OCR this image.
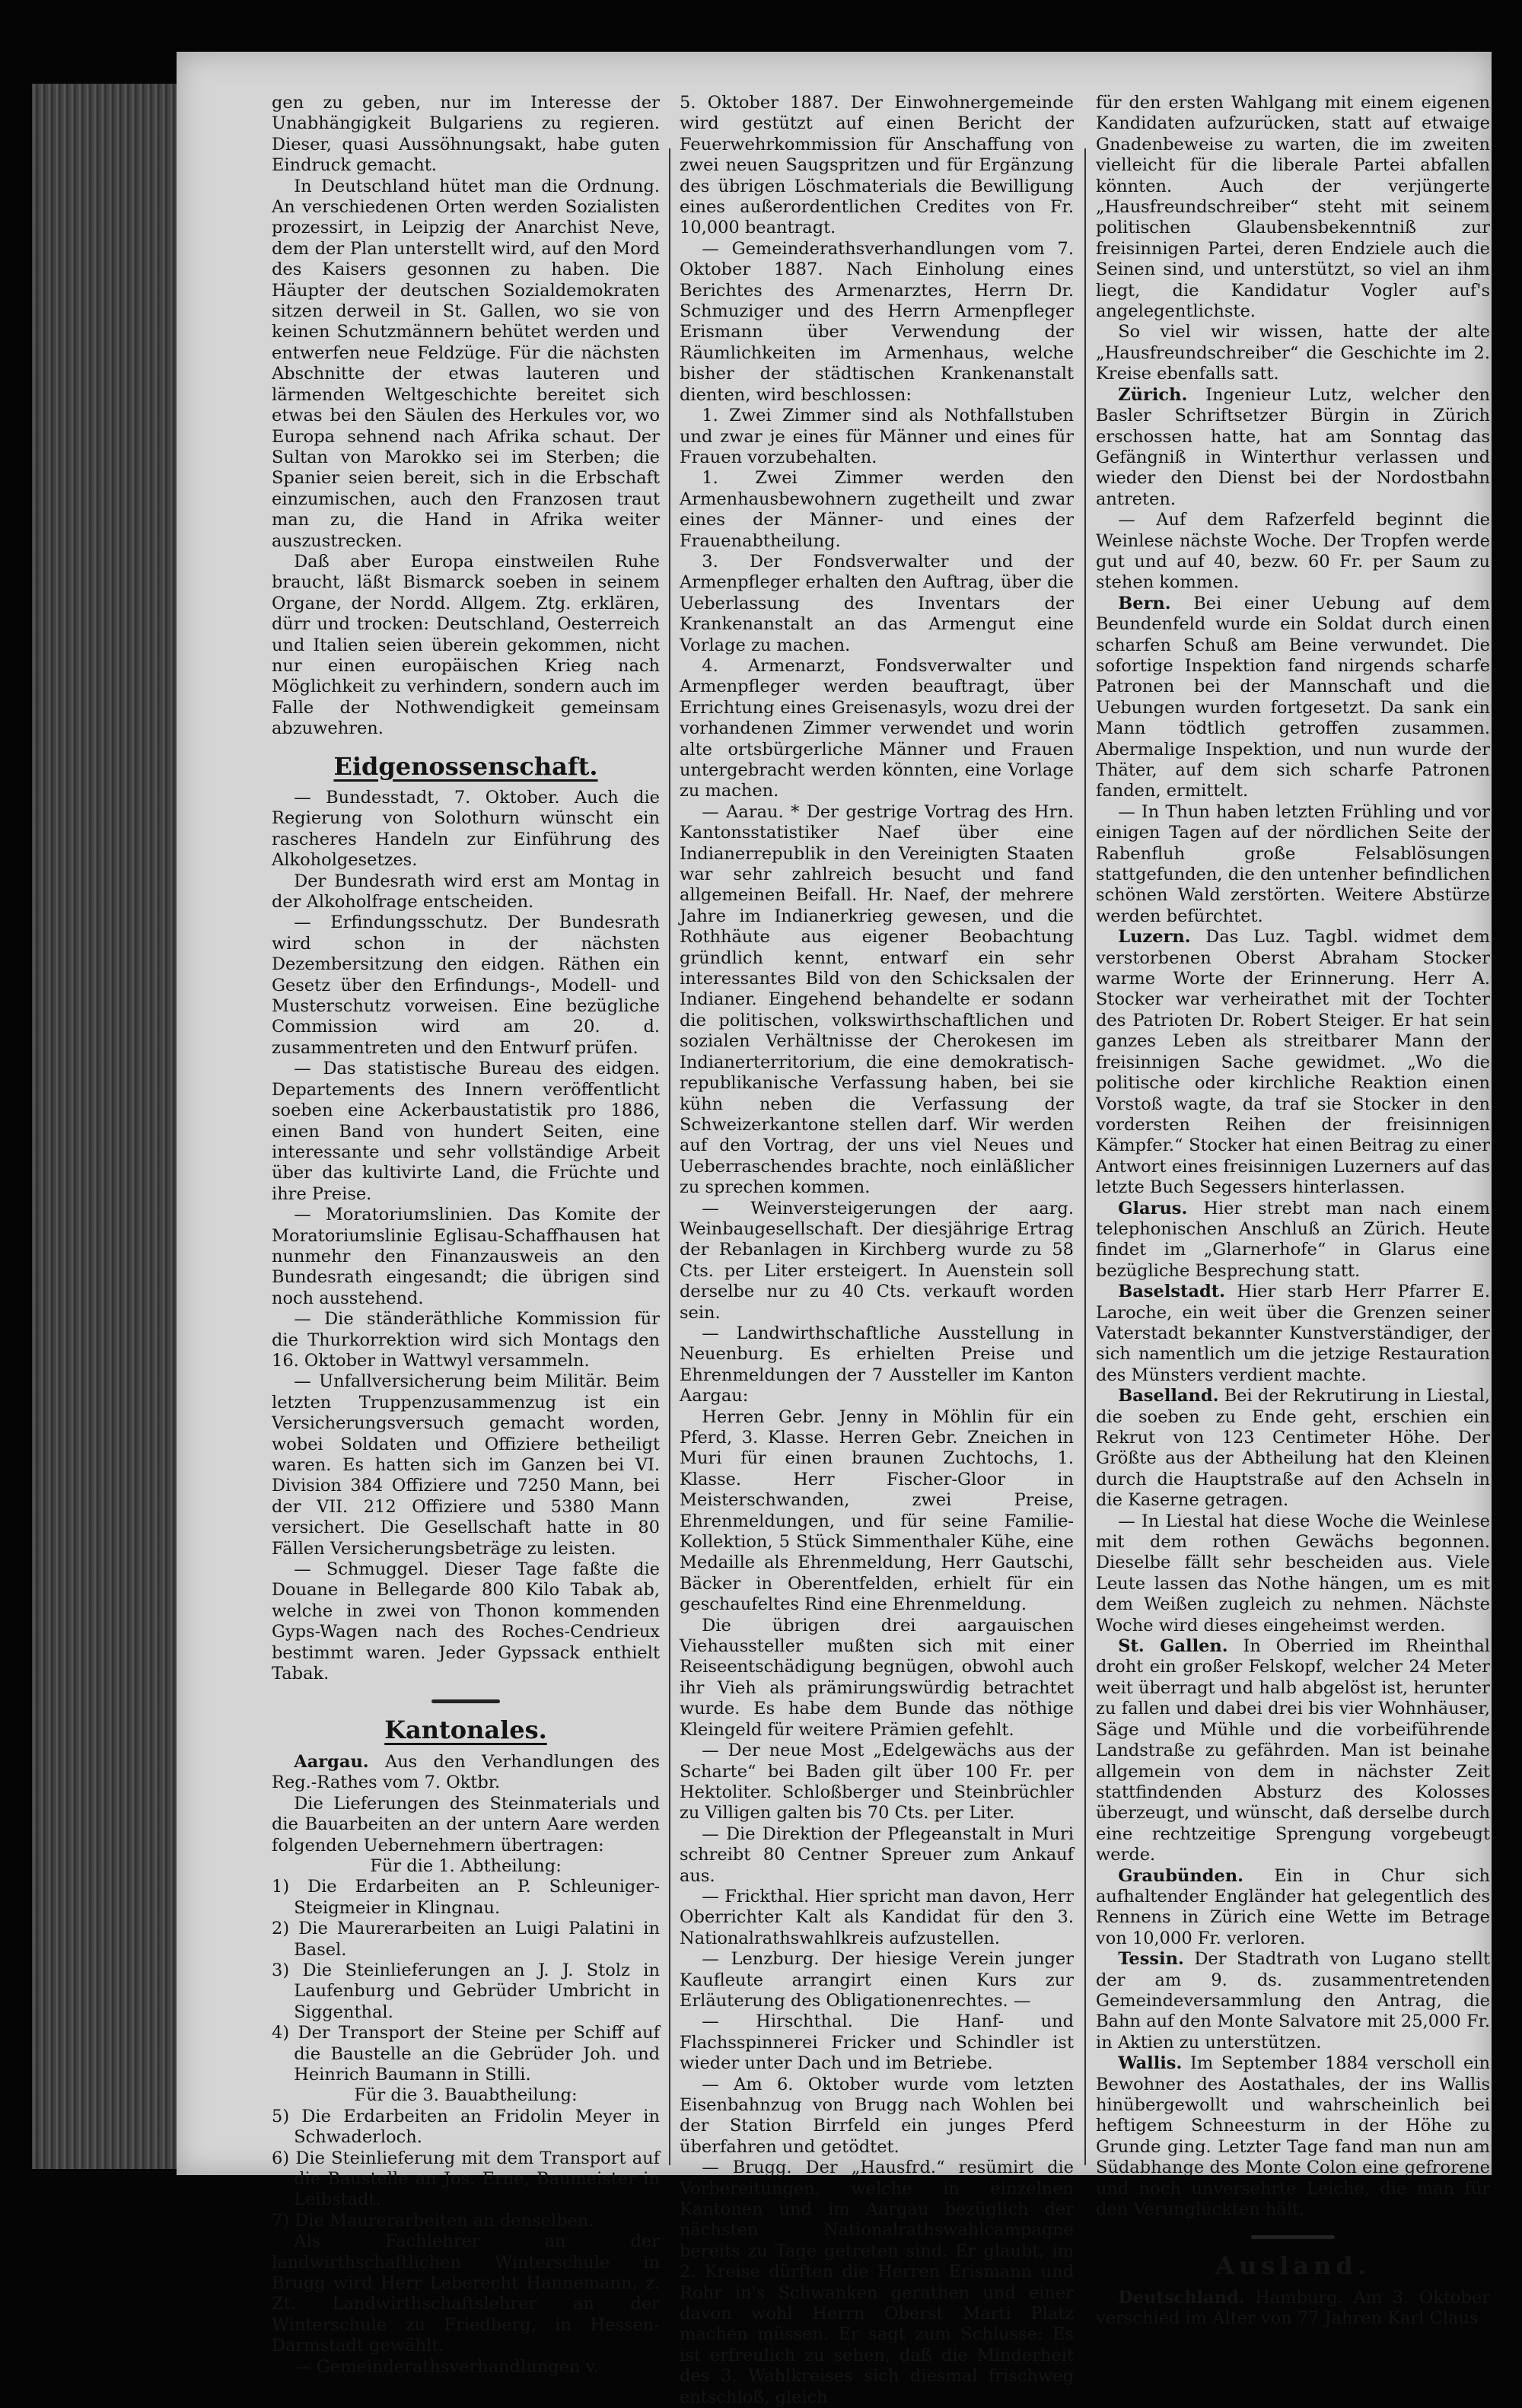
gen zu geben, nur im Interesse der Unabhängigkeit Bulgariens zu regieren. Dieser, quasi Aussöhnungsakt, habe guten Eindruck gemacht.

In Deutschland hütet man die Ordnung. An verschiedenen Orten werden Sozialisten prozessirt, in Leipzig der Anarchist Neve, dem der Plan unterstellt wird, auf den Mord des Kaisers gesonnen zu haben. Die Häupter der deutschen Sozialdemokraten sitzen derweil in St. Gallen, wo sie von keinen Schutzmännern behütet werden und entwerfen neue Feldzüge. Für die nächsten Abschnitte der etwas lauteren und lärmenden Weltgeschichte bereitet sich etwas bei den Säulen des Herkules vor, wo Europa sehnend nach Afrika schaut. Der Sultan von Marokko sei im Sterben; die Spanier seien bereit, sich in die Erbschaft einzumischen, auch den Franzosen traut man zu, die Hand in Afrika weiter auszustrecken.

Daß aber Europa einstweilen Ruhe braucht, läßt Bismarck soeben in seinem Organe, der Nordd. Allgem. Ztg. erklären, dürr und trocken: Deutschland, Oesterreich und Italien seien überein gekommen, nicht nur einen europäischen Krieg nach Möglichkeit zu verhindern, sondern auch im Falle der Nothwendigkeit gemeinsam abzuwehren.

Eidgenossenschaft.

— Bundesstadt, 7. Oktober. Auch die Regierung von Solothurn wünscht ein rascheres Handeln zur Einführung des Alkoholgesetzes.

Der Bundesrath wird erst am Montag in der Alkoholfrage entscheiden.

— Erfindungsschutz. Der Bundesrath wird schon in der nächsten Dezembersitzung den eidgen. Räthen ein Gesetz über den Erfindungs-, Modell- und Musterschutz vorweisen. Eine bezügliche Commission wird am 20. d. zusammentreten und den Entwurf prüfen.

— Das statistische Bureau des eidgen. Departements des Innern veröffentlicht soeben eine Ackerbaustatistik pro 1886, einen Band von hundert Seiten, eine interessante und sehr vollständige Arbeit über das kultivirte Land, die Früchte und ihre Preise.

— Moratoriumslinien. Das Komite der Moratoriumslinie Eglisau-Schaffhausen hat nunmehr den Finanzausweis an den Bundesrath eingesandt; die übrigen sind noch ausstehend.

— Die ständeräthliche Kommission für die Thurkorrektion wird sich Montags den 16. Oktober in Wattwyl versammeln.

— Unfallversicherung beim Militär. Beim letzten Truppenzusammenzug ist ein Versicherungsversuch gemacht worden, wobei Soldaten und Offiziere betheiligt waren. Es hatten sich im Ganzen bei VI. Division 384 Offiziere und 7250 Mann, bei der VII. 212 Offiziere und 5380 Mann versichert. Die Gesellschaft hatte in 80 Fällen Versicherungsbeträge zu leisten.

— Schmuggel. Dieser Tage faßte die Douane in Bellegarde 800 Kilo Tabak ab, welche in zwei von Thonon kommenden Gyps-Wagen nach des Roches-Cendrieux bestimmt waren. Jeder Gypssack enthielt Tabak.

Kantonales.

Aargau. Aus den Verhandlungen des Reg.-Rathes vom 7. Oktbr.

Die Lieferungen des Steinmaterials und die Bauarbeiten an der untern Aare werden folgenden Uebernehmern übertragen:

Für die 1. Abtheilung:

1) Die Erdarbeiten an P. Schleuniger-Steigmeier in Klingnau.

2) Die Maurerarbeiten an Luigi Palatini in Basel.

3) Die Steinlieferungen an J. J. Stolz in Laufenburg und Gebrüder Umbricht in Siggenthal.

4) Der Transport der Steine per Schiff auf die Baustelle an die Gebrüder Joh. und Heinrich Baumann in Stilli.

Für die 3. Bauabtheilung:

5) Die Erdarbeiten an Fridolin Meyer in Schwaderloch.

6) Die Steinlieferung mit dem Transport auf die Baustelle an Jos. Erne, Baumeister in Leibstadt.

7) Die Maurerarbeiten an denselben.

Als Fachlehrer an der landwirthschaftlichen Winterschule in Brugg wird Herr Leberecht Hannemann, z. Zt. Landwirthschaftslehrer an der Winterschule zu Friedberg, in Hessen-Darmstadt gewählt.

— Gemeinderathsverhandlungen v.

5. Oktober 1887. Der Einwohnergemeinde wird gestützt auf einen Bericht der Feuerwehrkommission für Anschaffung von zwei neuen Saugspritzen und für Ergänzung des übrigen Löschmaterials die Bewilligung eines außerordentlichen Credites von Fr. 10,000 beantragt.

— Gemeinderathsverhandlungen vom 7. Oktober 1887. Nach Einholung eines Berichtes des Armenarztes, Herrn Dr. Schmuziger und des Herrn Armenpfleger Erismann über Verwendung der Räumlichkeiten im Armenhaus, welche bisher der städtischen Krankenanstalt dienten, wird beschlossen:

1. Zwei Zimmer sind als Nothfallstuben und zwar je eines für Männer und eines für Frauen vorzubehalten.

1. Zwei Zimmer werden den Armenhausbewohnern zugetheilt und zwar eines der Männer- und eines der Frauenabtheilung.

3. Der Fondsverwalter und der Armenpfleger erhalten den Auftrag, über die Ueberlassung des Inventars der Krankenanstalt an das Armengut eine Vorlage zu machen.

4. Armenarzt, Fondsverwalter und Armenpfleger werden beauftragt, über Errichtung eines Greisenasyls, wozu drei der vorhandenen Zimmer verwendet und worin alte ortsbürgerliche Männer und Frauen untergebracht werden könnten, eine Vorlage zu machen.

— Aarau. * Der gestrige Vortrag des Hrn. Kantonsstatistiker Naef über eine Indianerrepublik in den Vereinigten Staaten war sehr zahlreich besucht und fand allgemeinen Beifall. Hr. Naef, der mehrere Jahre im Indianerkrieg gewesen, und die Rothhäute aus eigener Beobachtung gründlich kennt, entwarf ein sehr interessantes Bild von den Schicksalen der Indianer. Eingehend behandelte er sodann die politischen, volkswirthschaftlichen und sozialen Verhältnisse der Cherokesen im Indianerterritorium, die eine demokratisch-republikanische Verfassung haben, bei sie kühn neben die Verfassung der Schweizerkantone stellen darf. Wir werden auf den Vortrag, der uns viel Neues und Ueberraschendes brachte, noch einläßlicher zu sprechen kommen.

— Weinversteigerungen der aarg. Weinbaugesellschaft. Der diesjährige Ertrag der Rebanlagen in Kirchberg wurde zu 58 Cts. per Liter ersteigert. In Auenstein soll derselbe nur zu 40 Cts. verkauft worden sein.

— Landwirthschaftliche Ausstellung in Neuenburg. Es erhielten Preise und Ehrenmeldungen der 7 Aussteller im Kanton Aargau:

Herren Gebr. Jenny in Möhlin für ein Pferd, 3. Klasse. Herren Gebr. Zneichen in Muri für einen braunen Zuchtochs, 1. Klasse. Herr Fischer-Gloor in Meisterschwanden, zwei Preise, Ehrenmeldungen, und für seine Familie-Kollektion, 5 Stück Simmenthaler Kühe, eine Medaille als Ehrenmeldung, Herr Gautschi, Bäcker in Oberentfelden, erhielt für ein geschaufeltes Rind eine Ehrenmeldung.

Die übrigen drei aargauischen Viehaussteller mußten sich mit einer Reiseentschädigung begnügen, obwohl auch ihr Vieh als prämirungswürdig betrachtet wurde. Es habe dem Bunde das nöthige Kleingeld für weitere Prämien gefehlt.

— Der neue Most „Edelgewächs aus der Scharte“ bei Baden gilt über 100 Fr. per Hektoliter. Schloßberger und Steinbrüchler zu Villigen galten bis 70 Cts. per Liter.

— Die Direktion der Pflegeanstalt in Muri schreibt 80 Centner Spreuer zum Ankauf aus.

— Frickthal. Hier spricht man davon, Herr Oberrichter Kalt als Kandidat für den 3. Nationalrathswahlkreis aufzustellen.

— Lenzburg. Der hiesige Verein junger Kaufleute arrangirt einen Kurs zur Erläuterung des Obligationenrechtes. —

— Hirschthal. Die Hanf- und Flachsspinnerei Fricker und Schindler ist wieder unter Dach und im Betriebe.

— Am 6. Oktober wurde vom letzten Eisenbahnzug von Brugg nach Wohlen bei der Station Birrfeld ein junges Pferd überfahren und getödtet.

— Brugg. Der „Hausfrd.“ resümirt die Vorbereitungen, welche in einzelnen Kantonen und im Aargau bezüglich der nächsten Nationalrathswahlcampagne bereits zu Tage getreten sind. Er glaubt, im 2. Kreise dürften die Herren Erismann und Rohr in's Schwanken gerathen und einer davon wohl Herrn Oberst Marti Platz machen müssen. Er sagt zum Schlusse: Es ist erfreulich zu sehen, daß die Minderheit des 3. Wahlkreises sich diesmal frischweg entschloß, gleich

für den ersten Wahlgang mit einem eigenen Kandidaten aufzurücken, statt auf etwaige Gnadenbeweise zu warten, die im zweiten vielleicht für die liberale Partei abfallen könnten. Auch der verjüngerte „Hausfreundschreiber“ steht mit seinem politischen Glaubensbekenntniß zur freisinnigen Partei, deren Endziele auch die Seinen sind, und unterstützt, so viel an ihm liegt, die Kandidatur Vogler auf's angelegentlichste.

So viel wir wissen, hatte der alte „Hausfreundschreiber“ die Geschichte im 2. Kreise ebenfalls satt.

Zürich. Ingenieur Lutz, welcher den Basler Schriftsetzer Bürgin in Zürich erschossen hatte, hat am Sonntag das Gefängniß in Winterthur verlassen und wieder den Dienst bei der Nordostbahn antreten.

— Auf dem Rafzerfeld beginnt die Weinlese nächste Woche. Der Tropfen werde gut und auf 40, bezw. 60 Fr. per Saum zu stehen kommen.

Bern. Bei einer Uebung auf dem Beundenfeld wurde ein Soldat durch einen scharfen Schuß am Beine verwundet. Die sofortige Inspektion fand nirgends scharfe Patronen bei der Mannschaft und die Uebungen wurden fortgesetzt. Da sank ein Mann tödtlich getroffen zusammen. Abermalige Inspektion, und nun wurde der Thäter, auf dem sich scharfe Patronen fanden, ermittelt.

— In Thun haben letzten Frühling und vor einigen Tagen auf der nördlichen Seite der Rabenfluh große Felsablösungen stattgefunden, die den untenher befindlichen schönen Wald zerstörten. Weitere Abstürze werden befürchtet.

Luzern. Das Luz. Tagbl. widmet dem verstorbenen Oberst Abraham Stocker warme Worte der Erinnerung. Herr A. Stocker war verheirathet mit der Tochter des Patrioten Dr. Robert Steiger. Er hat sein ganzes Leben als streitbarer Mann der freisinnigen Sache gewidmet. „Wo die politische oder kirchliche Reaktion einen Vorstoß wagte, da traf sie Stocker in den vordersten Reihen der freisinnigen Kämpfer.“ Stocker hat einen Beitrag zu einer Antwort eines freisinnigen Luzerners auf das letzte Buch Segessers hinterlassen.

Glarus. Hier strebt man nach einem telephonischen Anschluß an Zürich. Heute findet im „Glarnerhofe“ in Glarus eine bezügliche Besprechung statt.

Baselstadt. Hier starb Herr Pfarrer E. Laroche, ein weit über die Grenzen seiner Vaterstadt bekannter Kunstverständiger, der sich namentlich um die jetzige Restauration des Münsters verdient machte.

Baselland. Bei der Rekrutirung in Liestal, die soeben zu Ende geht, erschien ein Rekrut von 123 Centimeter Höhe. Der Größte aus der Abtheilung hat den Kleinen durch die Hauptstraße auf den Achseln in die Kaserne getragen.

— In Liestal hat diese Woche die Weinlese mit dem rothen Gewächs begonnen. Dieselbe fällt sehr bescheiden aus. Viele Leute lassen das Nothe hängen, um es mit dem Weißen zugleich zu nehmen. Nächste Woche wird dieses eingeheimst werden.

St. Gallen. In Oberried im Rheinthal droht ein großer Felskopf, welcher 24 Meter weit überragt und halb abgelöst ist, herunter zu fallen und dabei drei bis vier Wohnhäuser, Säge und Mühle und die vorbeiführende Landstraße zu gefährden. Man ist beinahe allgemein von dem in nächster Zeit stattfindenden Absturz des Kolosses überzeugt, und wünscht, daß derselbe durch eine rechtzeitige Sprengung vorgebeugt werde.

Graubünden. Ein in Chur sich aufhaltender Engländer hat gelegentlich des Rennens in Zürich eine Wette im Betrage von 10,000 Fr. verloren.

Tessin. Der Stadtrath von Lugano stellt der am 9. ds. zusammentretenden Gemeindeversammlung den Antrag, die Bahn auf den Monte Salvatore mit 25,000 Fr. in Aktien zu unterstützen.

Wallis. Im September 1884 verscholl ein Bewohner des Aostathales, der ins Wallis hinübergewollt und wahrscheinlich bei heftigem Schneesturm in der Höhe zu Grunde ging. Letzter Tage fand man nun am Südabhange des Monte Colon eine gefrorene und noch unversehrte Leiche, die man für den Verunglückten hält.

Ausland.

Deutschland. Hamburg. Am 3. Oktober verschied im Alter von 77 Jahren Karl Claus
